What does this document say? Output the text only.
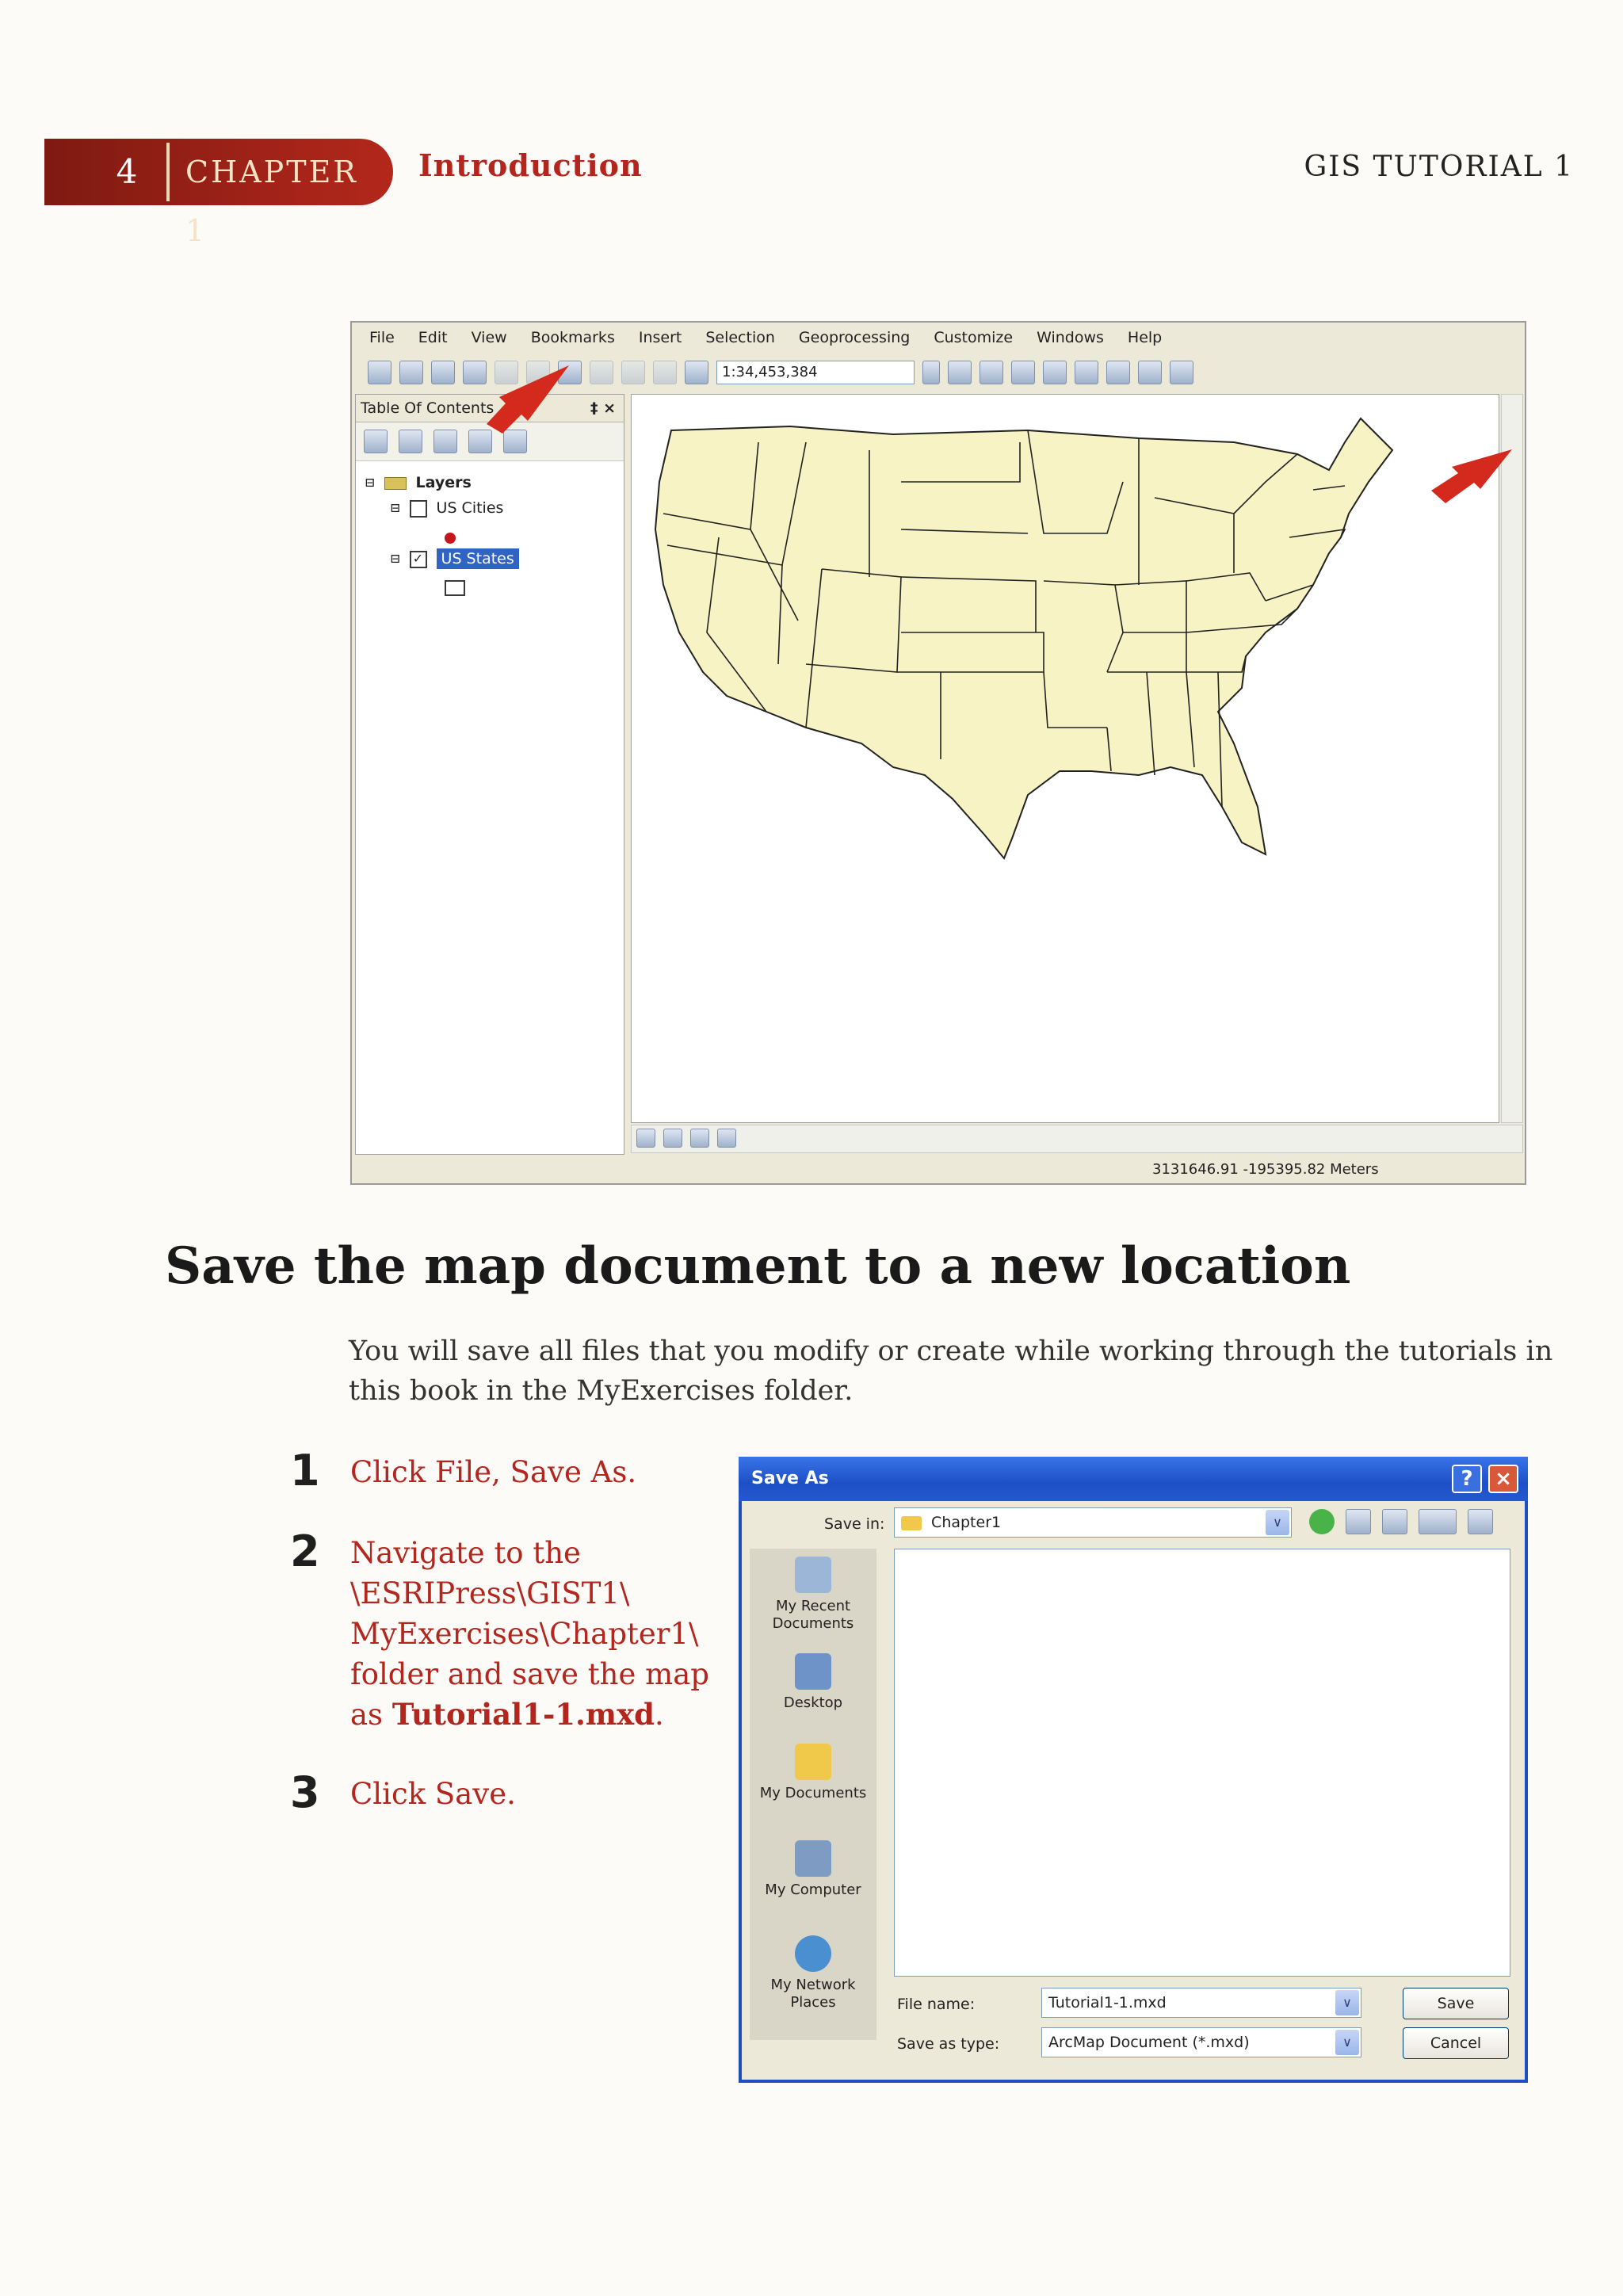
4	CHAPTER 1
Introduction	GIS TUTORIAL 1
File Edit View Bookmarks Insert Selection Geoprocessing Customize Windows Help
1:34,453,384
Table Of Contents	‡ ×
⊟	Layers
⊟ US Cities
⊟ ✓ US States
3131646.91 -195395.82 Meters
Save the map document to a new location
You will save all files that you modify or create while working through the tutorials in this book in the MyExercises folder.
1 Click File, Save As.
2 Navigate to the \ESRIPress\GIST1\ MyExercises\Chapter1\ folder and save the map as Tutorial1-1.mxd.
3 Click Save.
Save As	?	×
Save in:	Chapter1	∨
My Recent Documents
Desktop
My Documents
My Computer
My Network Places	File name:	Tutorial1-1.mxd	∨	Save
Save as type:	ArcMap Document (*.mxd)	∨	Cancel
